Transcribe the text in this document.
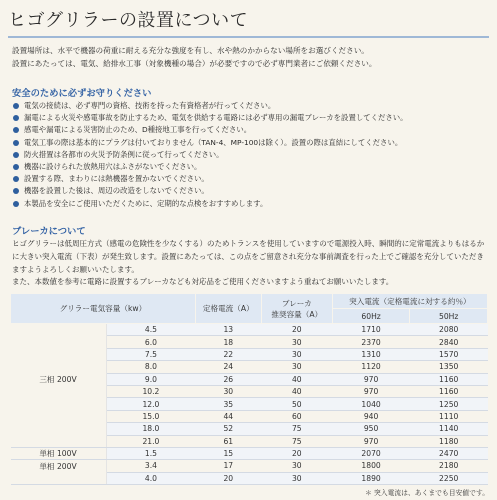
ヒゴグリラーの設置について
設置場所は、水平で機器の荷重に耐える充分な強度を有し、水や熱のかからない場所をお選びください。
設置にあたっては、電気、給排水工事（対象機種の場合）が必要ですので必ず専門業者にご依頼ください。
安全のために必ずお守りください
電気の接続は、必ず専門の資格、技術を持った有資格者が行ってください。
漏電による火災や感電事故を防止するため、電気を供給する電路には必ず専用の漏電ブレーカを設置してください。
感電や漏電による災害防止のため、D種接地工事を行ってください。
電気工事の際は基本的にプラグは付いておりません（TAN-4、MP-100は除く）。設置の際は直結にしてください。
防火措置は各都市の火災予防条例に従って行ってください。
機器に設けられた放熱用穴はふさがないでください。
設置する際、まわりには熱機器を置かないでください。
機器を設置した後は、周辺の改造をしないでください。
本製品を安全にご使用いただくために、定期的な点検をおすすめします。
ブレーカについて
ヒゴグリラーは低周圧方式（感電の危険性を少なくする）のためトランスを使用していますので電源投入時、瞬間的に定常電流よりもはるかに大きい突入電流（下表）が発生致します。設置にあたっては、この点をご留意され充分な事前調査を行った上でご確認を充分していただきますようよろしくお願いいたします。
また、本数値を参考に電路に設置するブレーカなども対応品をご使用くださいますよう重ねてお願いいたします。
グリラー電気容量（kw）		定格電流（A）	ブレーカ
推奨容量（A）	突入電流（定格電流に対する約％）	
				60Hz	50Hz
	4.5	13	20	1710	2080
	6.0	18	30	2370	2840
	7.5	22	30	1310	1570
	8.0	24	30	1120	1350
三相 200V	9.0	26	40	970	1160
	10.2	30	40	970	1160
	12.0	35	50	1040	1250
	15.0	44	60	940	1110
	18.0	52	75	950	1140
	21.0	61	75	970	1180
単相 100V	1.5	15	20	2070	2470
単相 200V	3.4	17	30	1800	2180
	4.0	20	30	1890	2250
＊ 突入電流は、あくまでも目安値です。
